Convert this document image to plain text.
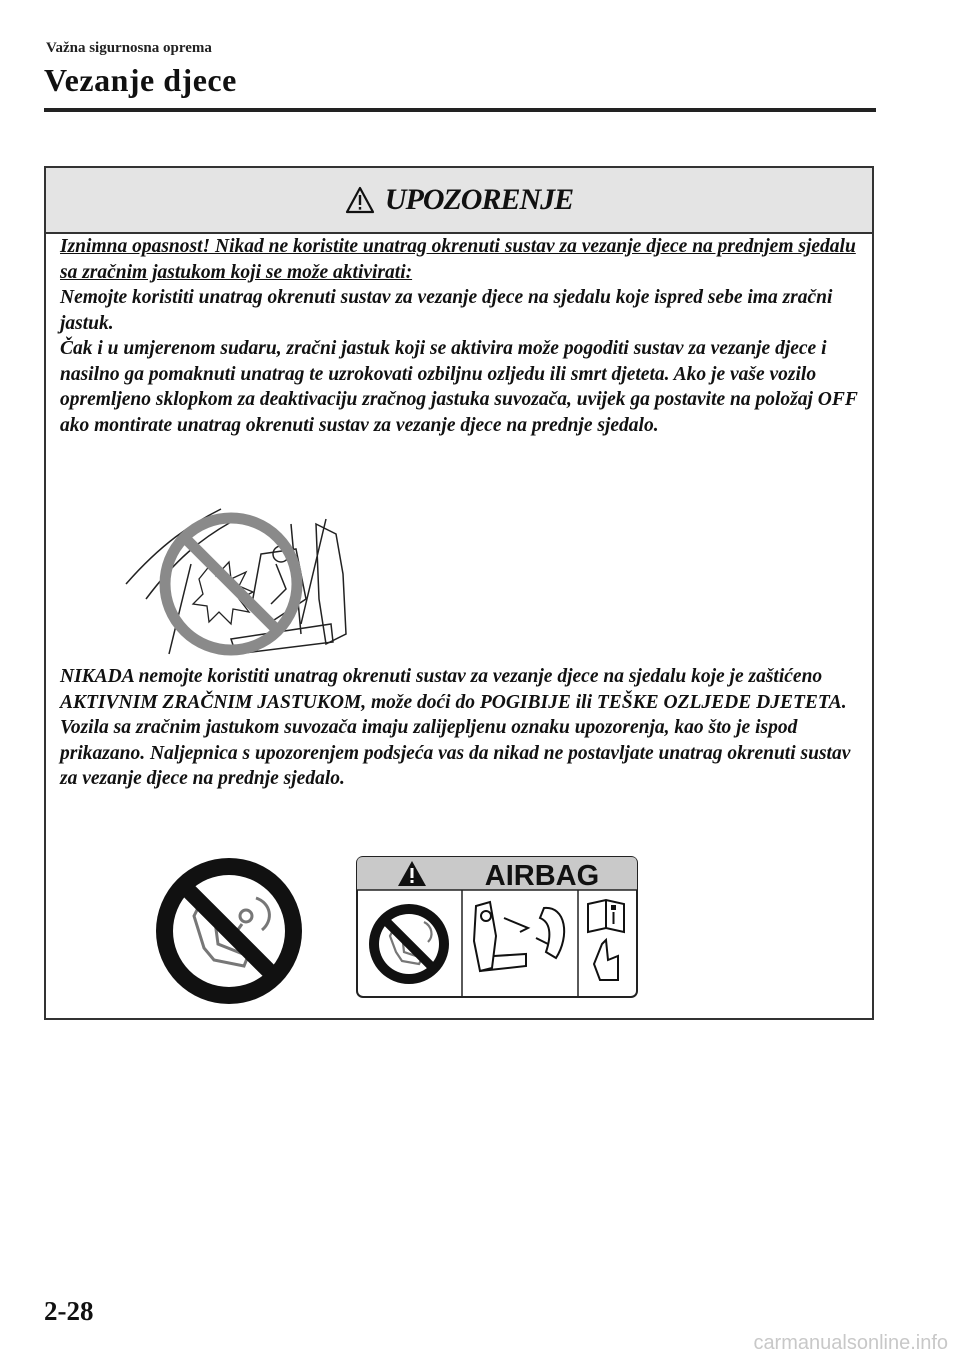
Važna sigurnosna oprema
Vezanje djece
UPOZORENJE

Iznimna opasnost! Nikad ne koristite unatrag okrenuti sustav za vezanje djece na prednjem sjedalu sa zračnim jastukom koji se može aktivirati:

Nemojte koristiti unatrag okrenuti sustav za vezanje djece na sjedalu koje ispred sebe ima zračni jastuk.

Čak i u umjerenom sudaru, zračni jastuk koji se aktivira može pogoditi sustav za vezanje djece i nasilno ga pomaknuti unatrag te uzrokovati ozbiljnu ozljedu ili smrt djeteta. Ako je vaše vozilo opremljeno sklopkom za deaktivaciju zračnog jastuka suvozača, uvijek ga postavite na položaj OFF ako montirate unatrag okrenuti sustav za vezanje djece na prednje sjedalo.

NIKADA nemojte koristiti unatrag okrenuti sustav za vezanje djece na sjedalu koje je zaštićeno AKTIVNIM ZRAČNIM JASTUKOM, može doći do POGIBIJE ili TEŠKE OZLJEDE DJETETA.

Vozila sa zračnim jastukom suvozača imaju zalijepljenu oznaku upozorenja, kao što je ispod prikazano. Naljepnica s upozorenjem podsjeća vas da nikad ne postavljate unatrag okrenuti sustav za vezanje djece na prednje sjedalo.

AIRBAG
2-28
carmanualsonline.info
